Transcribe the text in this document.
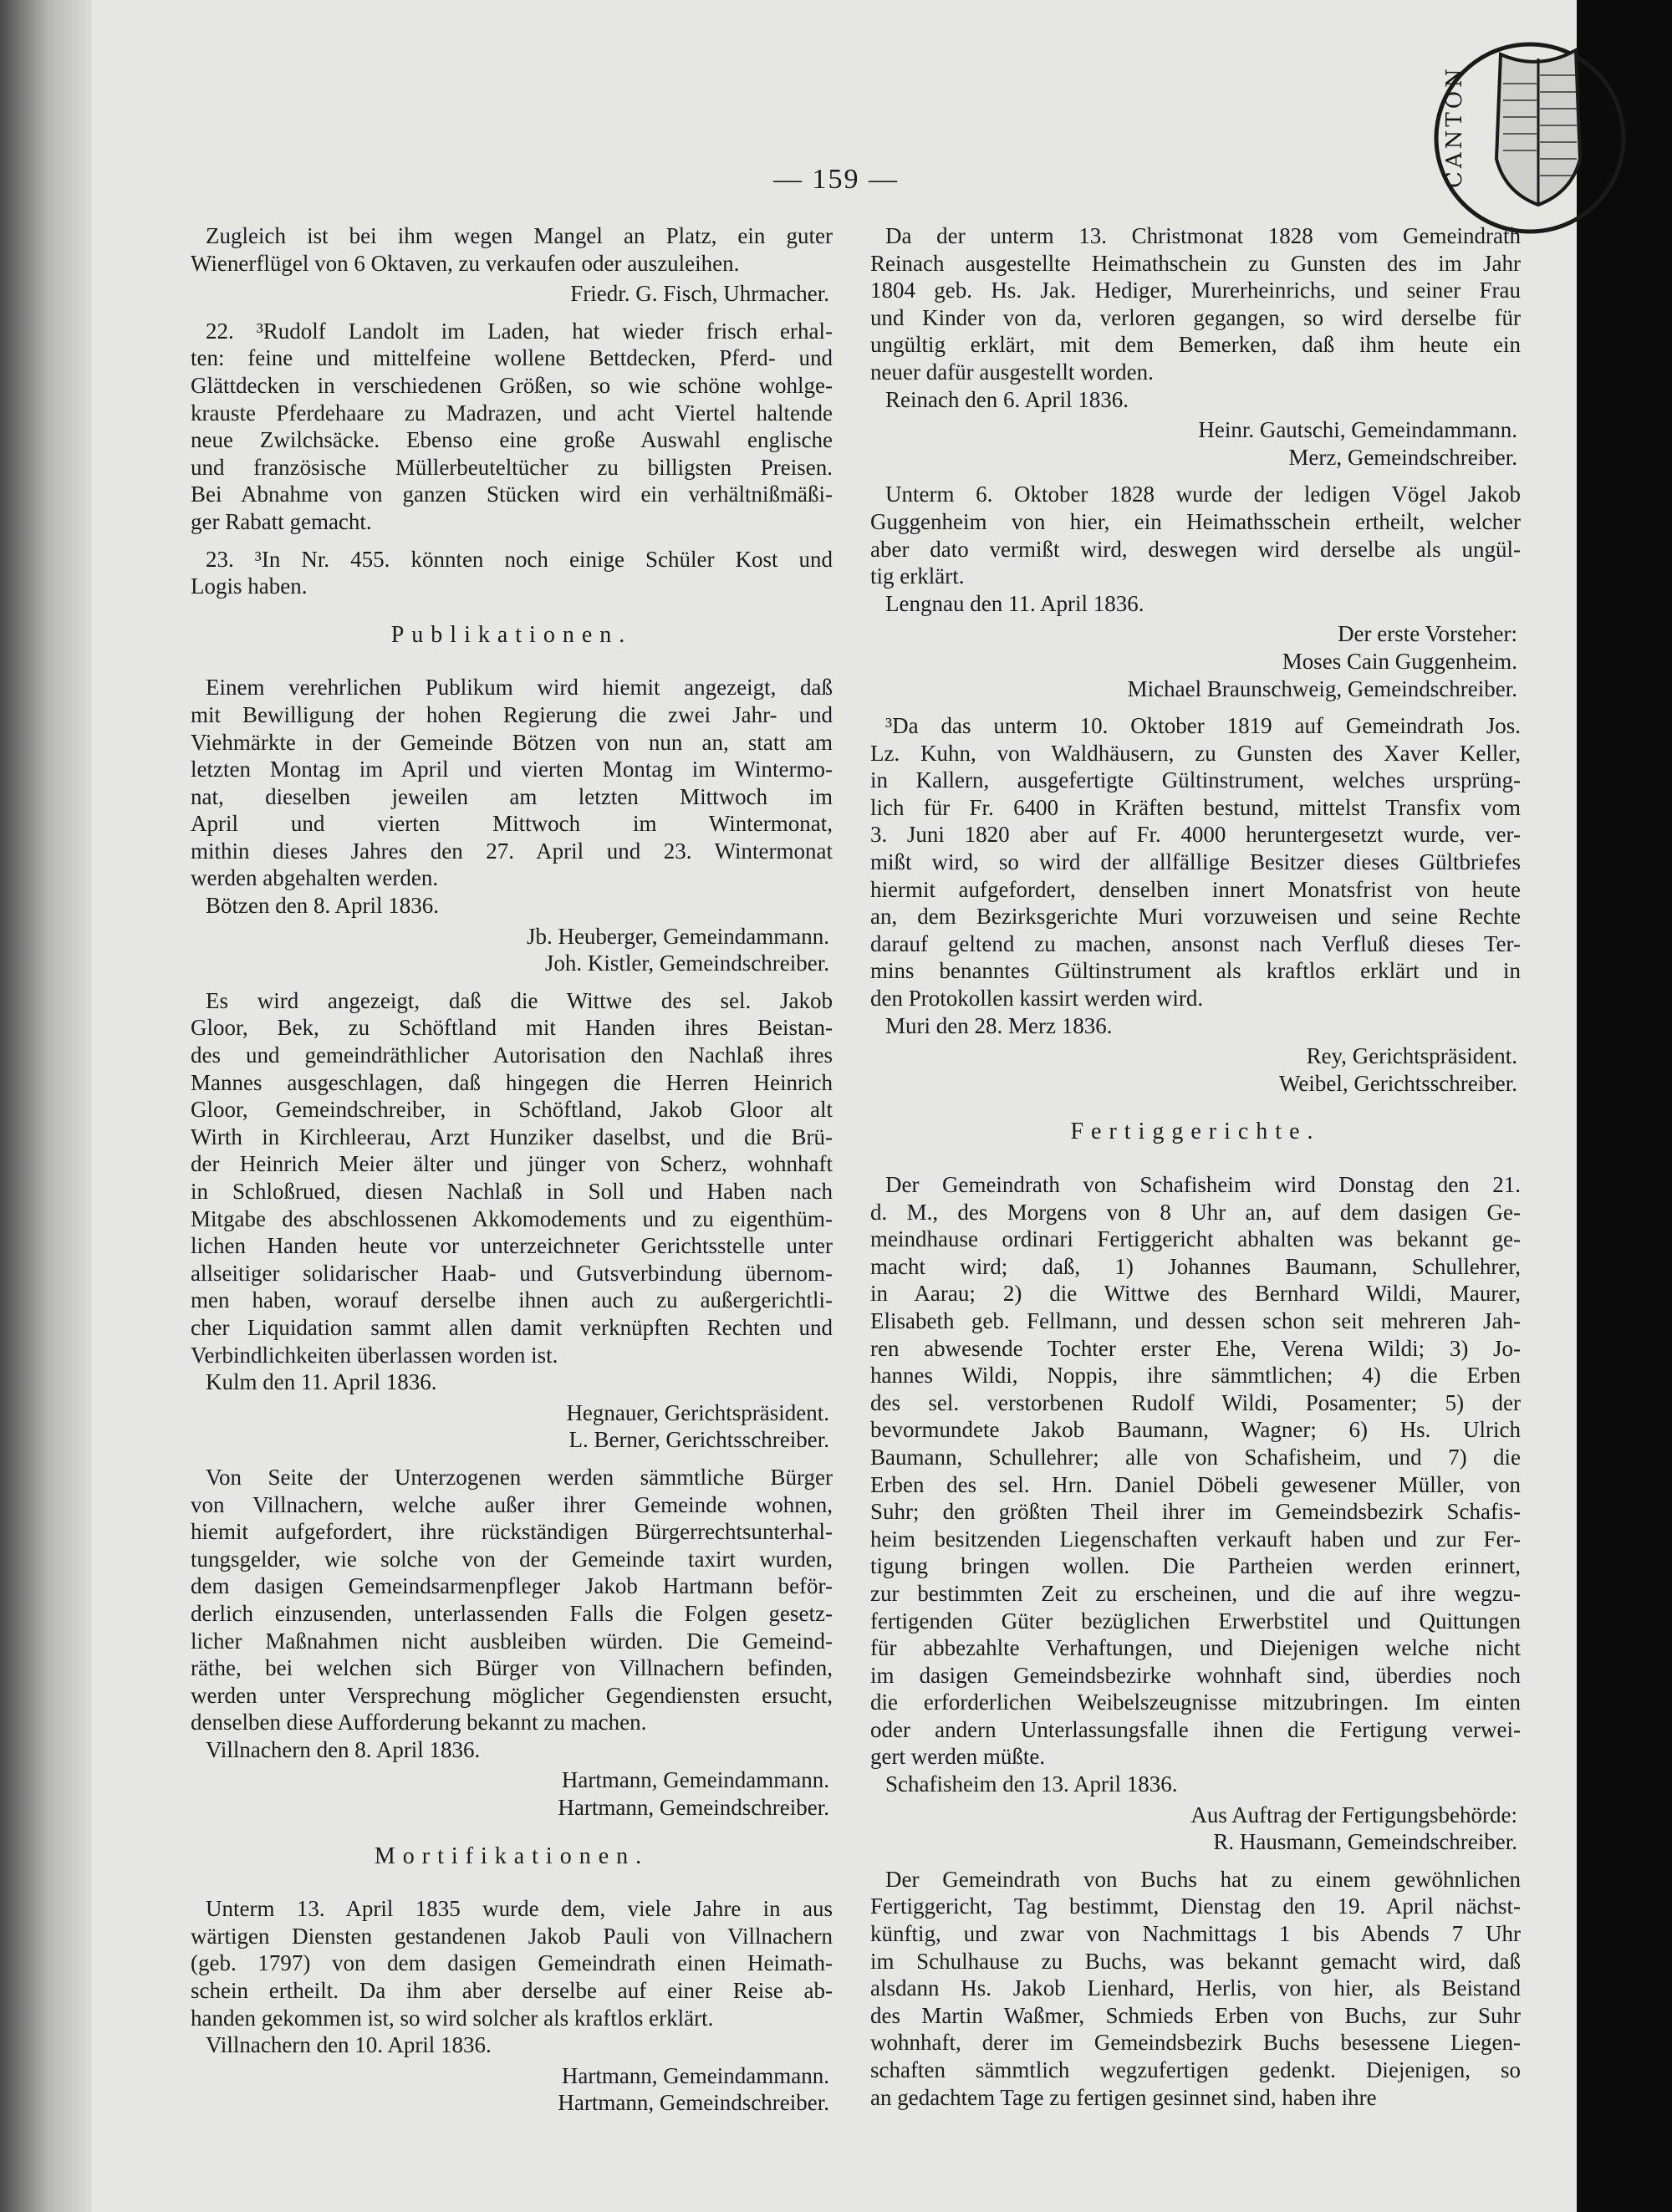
— 159 —	CANTON
Zugleich ist bei ihm wegen Mangel an Platz, ein guter
Wienerflügel von 6 Oktaven, zu verkaufen oder auszuleihen.
Friedr. G. Fisch, Uhrmacher.
22. ³Rudolf Landolt im Laden, hat wieder frisch erhal-
ten: feine und mittelfeine wollene Bettdecken, Pferd- und
Glättdecken in verschiedenen Größen, so wie schöne wohlge-
krauste Pferdehaare zu Madrazen, und acht Viertel haltende
neue Zwilchsäcke. Ebenso eine große Auswahl englische
und französische Müllerbeuteltücher zu billigsten Preisen.
Bei Abnahme von ganzen Stücken wird ein verhältnißmäßi-
ger Rabatt gemacht.
23. ³In Nr. 455. könnten noch einige Schüler Kost und
Logis haben.
Publikationen.
Einem verehrlichen Publikum wird hiemit angezeigt, daß
mit Bewilligung der hohen Regierung die zwei Jahr- und
Viehmärkte in der Gemeinde Bötzen von nun an, statt am
letzten Montag im April und vierten Montag im Wintermo-
nat, dieselben jeweilen am letzten Mittwoch im
April und vierten Mittwoch im Wintermonat,
mithin dieses Jahres den 27. April und 23. Wintermonat
werden abgehalten werden.
Bötzen den 8. April 1836.
Jb. Heuberger, Gemeindammann.
Joh. Kistler, Gemeindschreiber.
Es wird angezeigt, daß die Wittwe des sel. Jakob
Gloor, Bek, zu Schöftland mit Handen ihres Beistan-
des und gemeindräthlicher Autorisation den Nachlaß ihres
Mannes ausgeschlagen, daß hingegen die Herren Heinrich
Gloor, Gemeindschreiber, in Schöftland, Jakob Gloor alt
Wirth in Kirchleerau, Arzt Hunziker daselbst, und die Brü-
der Heinrich Meier älter und jünger von Scherz, wohnhaft
in Schloßrued, diesen Nachlaß in Soll und Haben nach
Mitgabe des abschlossenen Akkomodements und zu eigenthüm-
lichen Handen heute vor unterzeichneter Gerichtsstelle unter
allseitiger solidarischer Haab- und Gutsverbindung übernom-
men haben, worauf derselbe ihnen auch zu außergerichtli-
cher Liquidation sammt allen damit verknüpften Rechten und
Verbindlichkeiten überlassen worden ist.
Kulm den 11. April 1836.
Hegnauer, Gerichtspräsident.
L. Berner, Gerichtsschreiber.
Von Seite der Unterzogenen werden sämmtliche Bürger
von Villnachern, welche außer ihrer Gemeinde wohnen,
hiemit aufgefordert, ihre rückständigen Bürgerrechtsunterhal-
tungsgelder, wie solche von der Gemeinde taxirt wurden,
dem dasigen Gemeindsarmenpfleger Jakob Hartmann beför-
derlich einzusenden, unterlassenden Falls die Folgen gesetz-
licher Maßnahmen nicht ausbleiben würden. Die Gemeind-
räthe, bei welchen sich Bürger von Villnachern befinden,
werden unter Versprechung möglicher Gegendiensten ersucht,
denselben diese Aufforderung bekannt zu machen.
Villnachern den 8. April 1836.
Hartmann, Gemeindammann.
Hartmann, Gemeindschreiber.
Mortifikationen.
Unterm 13. April 1835 wurde dem, viele Jahre in aus
wärtigen Diensten gestandenen Jakob Pauli von Villnachern
(geb. 1797) von dem dasigen Gemeindrath einen Heimath-
schein ertheilt. Da ihm aber derselbe auf einer Reise ab-
handen gekommen ist, so wird solcher als kraftlos erklärt.
Villnachern den 10. April 1836.
Hartmann, Gemeindammann.
Hartmann, Gemeindschreiber.
Da der unterm 13. Christmonat 1828 vom Gemeindrath
Reinach ausgestellte Heimathschein zu Gunsten des im Jahr
1804 geb. Hs. Jak. Hediger, Murerheinrichs, und seiner Frau
und Kinder von da, verloren gegangen, so wird derselbe für
ungültig erklärt, mit dem Bemerken, daß ihm heute ein
neuer dafür ausgestellt worden.
Reinach den 6. April 1836.
Heinr. Gautschi, Gemeindammann.
Merz, Gemeindschreiber.
Unterm 6. Oktober 1828 wurde der ledigen Vögel Jakob
Guggenheim von hier, ein Heimathsschein ertheilt, welcher
aber dato vermißt wird, deswegen wird derselbe als ungül-
tig erklärt.
Lengnau den 11. April 1836.
Der erste Vorsteher:
Moses Cain Guggenheim.
Michael Braunschweig, Gemeindschreiber.
³Da das unterm 10. Oktober 1819 auf Gemeindrath Jos.
Lz. Kuhn, von Waldhäusern, zu Gunsten des Xaver Keller,
in Kallern, ausgefertigte Gültinstrument, welches ursprüng-
lich für Fr. 6400 in Kräften bestund, mittelst Transfix vom
3. Juni 1820 aber auf Fr. 4000 heruntergesetzt wurde, ver-
mißt wird, so wird der allfällige Besitzer dieses Gültbriefes
hiermit aufgefordert, denselben innert Monatsfrist von heute
an, dem Bezirksgerichte Muri vorzuweisen und seine Rechte
darauf geltend zu machen, ansonst nach Verfluß dieses Ter-
mins benanntes Gültinstrument als kraftlos erklärt und in
den Protokollen kassirt werden wird.
Muri den 28. Merz 1836.
Rey, Gerichtspräsident.
Weibel, Gerichtsschreiber.
Fertiggerichte.
Der Gemeindrath von Schafisheim wird Donstag den 21.
d. M., des Morgens von 8 Uhr an, auf dem dasigen Ge-
meindhause ordinari Fertiggericht abhalten was bekannt ge-
macht wird; daß, 1) Johannes Baumann, Schullehrer,
in Aarau; 2) die Wittwe des Bernhard Wildi, Maurer,
Elisabeth geb. Fellmann, und dessen schon seit mehreren Jah-
ren abwesende Tochter erster Ehe, Verena Wildi; 3) Jo-
hannes Wildi, Noppis, ihre sämmtlichen; 4) die Erben
des sel. verstorbenen Rudolf Wildi, Posamenter; 5) der
bevormundete Jakob Baumann, Wagner; 6) Hs. Ulrich
Baumann, Schullehrer; alle von Schafisheim, und 7) die
Erben des sel. Hrn. Daniel Döbeli gewesener Müller, von
Suhr; den größten Theil ihrer im Gemeindsbezirk Schafis-
heim besitzenden Liegenschaften verkauft haben und zur Fer-
tigung bringen wollen. Die Partheien werden erinnert,
zur bestimmten Zeit zu erscheinen, und die auf ihre wegzu-
fertigenden Güter bezüglichen Erwerbstitel und Quittungen
für abbezahlte Verhaftungen, und Diejenigen welche nicht
im dasigen Gemeindsbezirke wohnhaft sind, überdies noch
die erforderlichen Weibelszeugnisse mitzubringen. Im einten
oder andern Unterlassungsfalle ihnen die Fertigung verwei-
gert werden müßte.
Schafisheim den 13. April 1836.
Aus Auftrag der Fertigungsbehörde:
R. Hausmann, Gemeindschreiber.
Der Gemeindrath von Buchs hat zu einem gewöhnlichen
Fertiggericht, Tag bestimmt, Dienstag den 19. April nächst-
künftig, und zwar von Nachmittags 1 bis Abends 7 Uhr
im Schulhause zu Buchs, was bekannt gemacht wird, daß
alsdann Hs. Jakob Lienhard, Herlis, von hier, als Beistand
des Martin Waßmer, Schmieds Erben von Buchs, zur Suhr
wohnhaft, derer im Gemeindsbezirk Buchs besessene Liegen-
schaften sämmtlich wegzufertigen gedenkt. Diejenigen, so
an gedachtem Tage zu fertigen gesinnet sind, haben ihre
